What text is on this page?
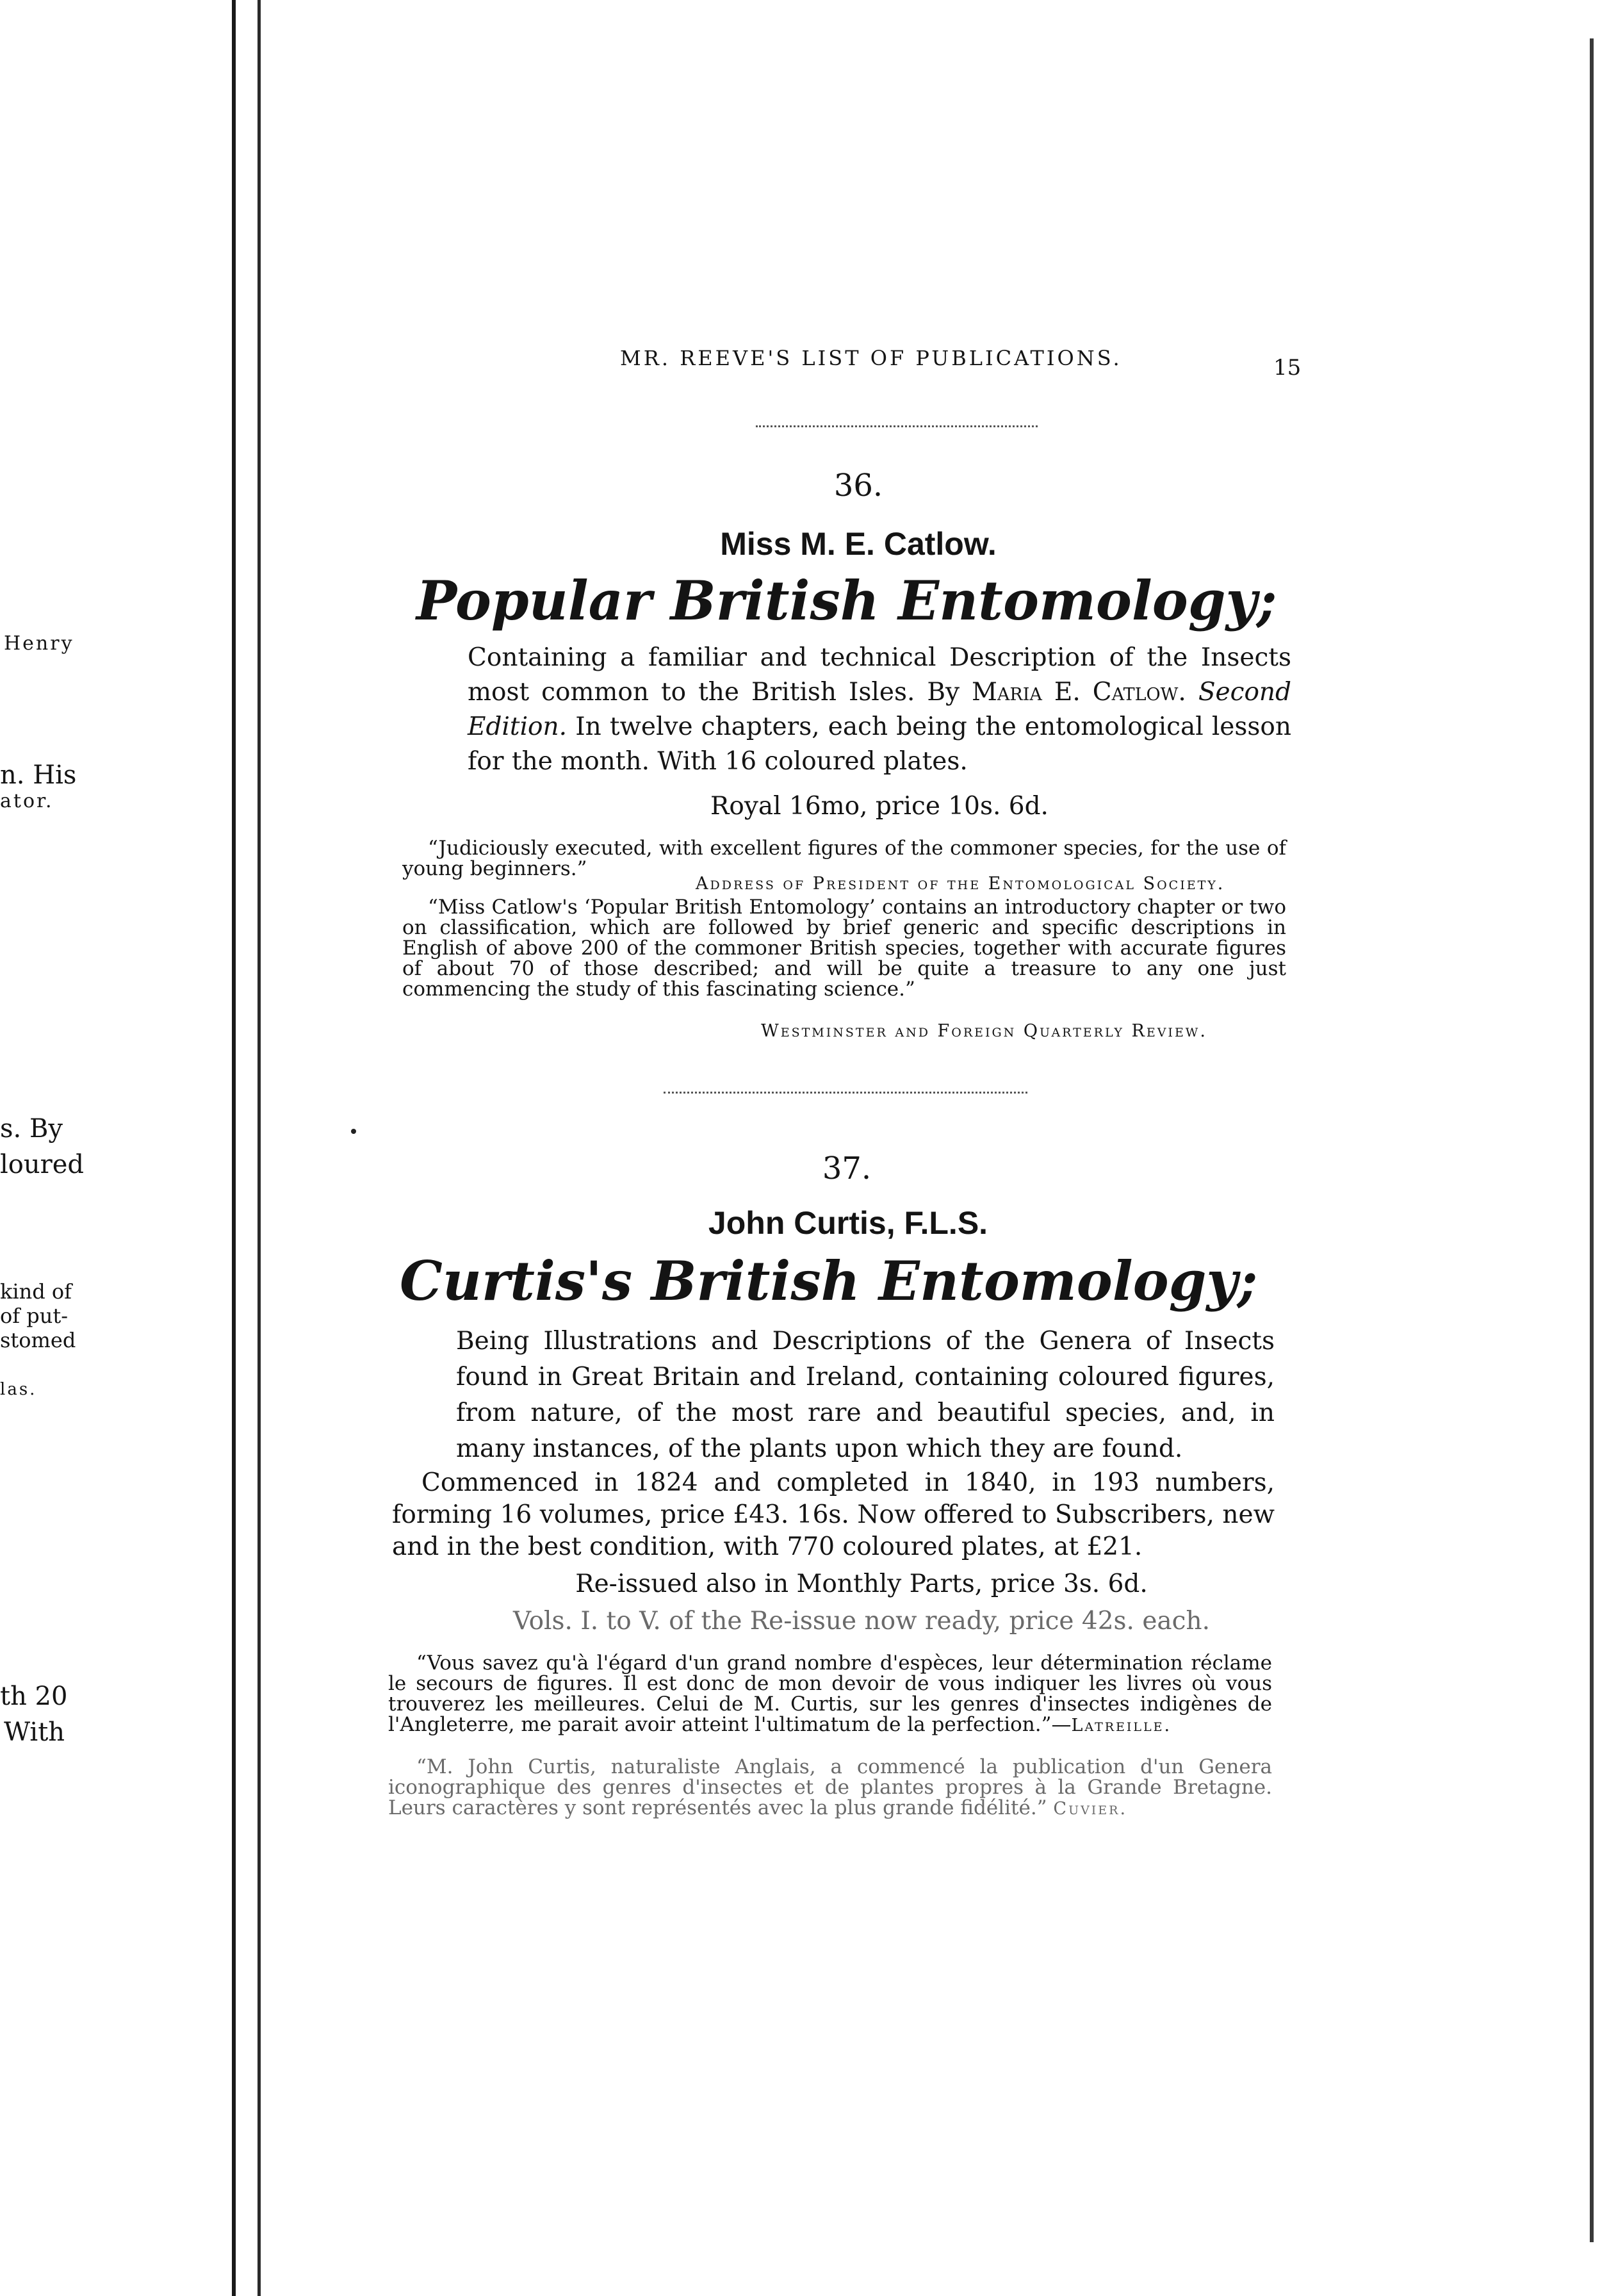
Henry
n. His
ator.
s. By
loured
kind of
of put-
stomed
las.
th 20
With
MR. REEVE'S LIST OF PUBLICATIONS.	15
36.
Miss M. E. Catlow.
Popular British Entomology;
Containing a familiar and technical Description of the Insects most common to the British Isles. By Maria E. Catlow. Second Edition. In twelve chapters, each being the entomological lesson for the month. With 16 coloured plates.
Royal 16mo, price 10s. 6d.
“Judiciously executed, with excellent figures of the commoner species, for the use of young beginners.”
Address of President of the Entomological Society.
“Miss Catlow's ‘Popular British Entomology’ contains an introductory chapter or two on classification, which are followed by brief generic and specific descriptions in English of above 200 of the commoner British species, together with accurate figures of about 70 of those described; and will be quite a treasure to any one just commencing the study of this fascinating science.”
Westminster and Foreign Quarterly Review.
37.
John Curtis, F.L.S.
Curtis's British Entomology;
Being Illustrations and Descriptions of the Genera of Insects found in Great Britain and Ireland, containing coloured figures, from nature, of the most rare and beautiful species, and, in many instances, of the plants upon which they are found.
Commenced in 1824 and completed in 1840, in 193 numbers, forming 16 volumes, price £43. 16s. Now offered to Subscribers, new and in the best condition, with 770 coloured plates, at £21.
Re-issued also in Monthly Parts, price 3s. 6d.
Vols. I. to V. of the Re-issue now ready, price 42s. each.
“Vous savez qu'à l'égard d'un grand nombre d'espèces, leur détermination réclame le secours de figures. Il est donc de mon devoir de vous indiquer les livres où vous trouverez les meilleures. Celui de M. Curtis, sur les genres d'insectes indigènes de l'Angleterre, me parait avoir atteint l'ultimatum de la perfection.”—Latreille.
“M. John Curtis, naturaliste Anglais, a commencé la publication d'un Genera iconographique des genres d'insectes et de plantes propres à la Grande Bretagne. Leurs caractères y sont représentés avec la plus grande fidélité.” Cuvier.
